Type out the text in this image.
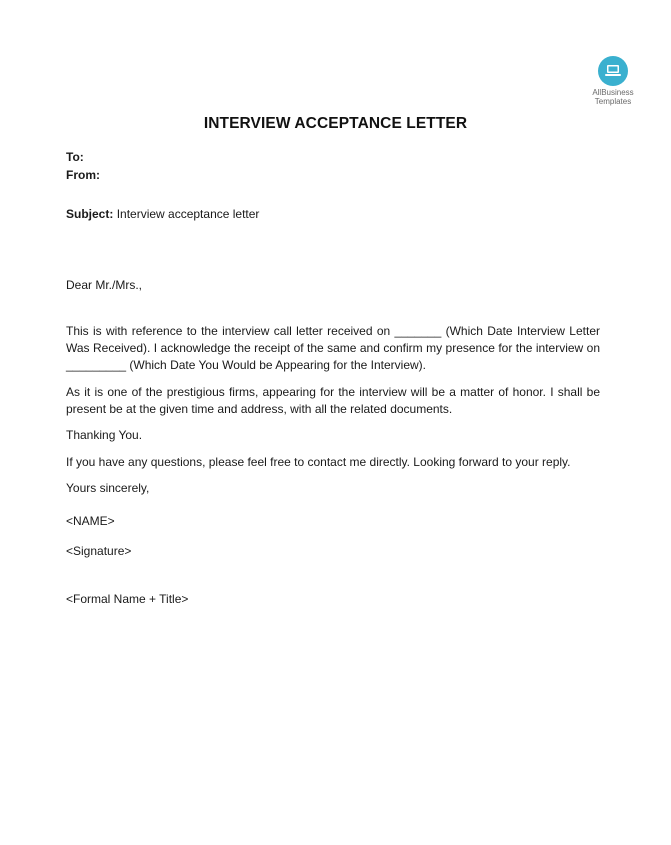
AllBusiness
Templates
INTERVIEW ACCEPTANCE LETTER
To:
From:
Subject: Interview acceptance letter
Dear Mr./Mrs.,
This is with reference to the interview call letter received on _______ (Which Date Interview Letter Was Received). I acknowledge the receipt of the same and confirm my presence for the interview on _________ (Which Date You Would be Appearing for the Interview).
As it is one of the prestigious firms, appearing for the interview will be a matter of honor. I shall be present be at the given time and address, with all the related documents.
Thanking You.
If you have any questions, please feel free to contact me directly. Looking forward to your reply.
Yours sincerely,
<NAME>
<Signature>
<Formal Name + Title>
